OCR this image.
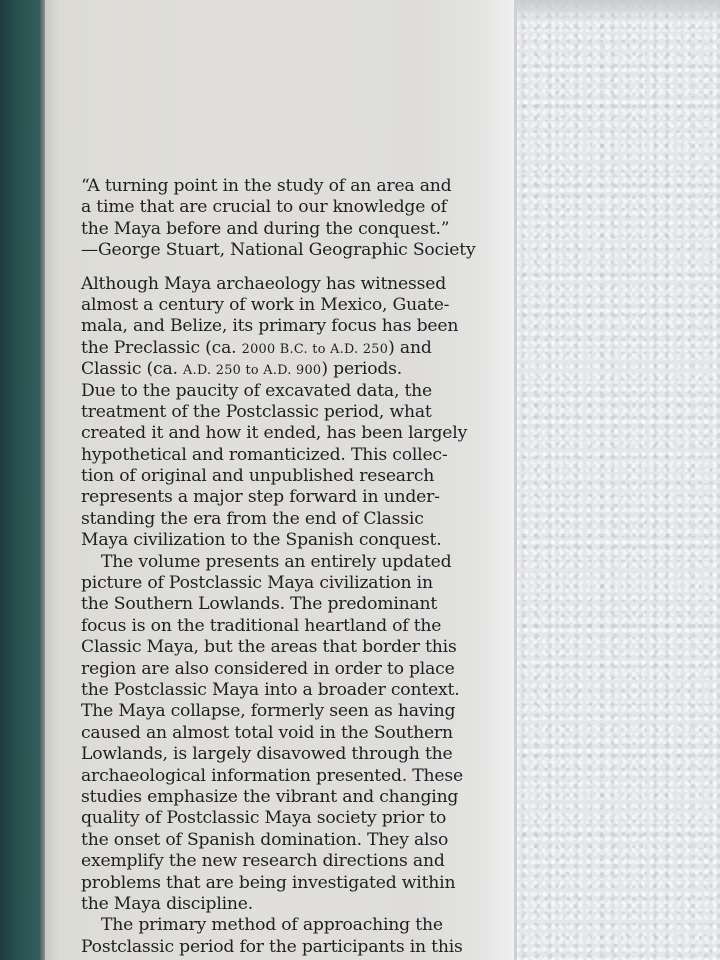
“A turning point in the study of an area and
a time that are crucial to our knowledge of
the Maya before and during the conquest.”
—George Stuart, National Geographic Society
Although Maya archaeology has witnessed
almost a century of work in Mexico, Guate-
mala, and Belize, its primary focus has been
the Preclassic (ca. 2000 B.C. to A.D. 250) and
Classic (ca. A.D. 250 to A.D. 900) periods.
Due to the paucity of excavated data, the
treatment of the Postclassic period, what
created it and how it ended, has been largely
hypothetical and romanticized. This collec-
tion of original and unpublished research
represents a major step forward in under-
standing the era from the end of Classic
Maya civilization to the Spanish conquest.
The volume presents an entirely updated
picture of Postclassic Maya civilization in
the Southern Lowlands. The predominant
focus is on the traditional heartland of the
Classic Maya, but the areas that border this
region are also considered in order to place
the Postclassic Maya into a broader context.
The Maya collapse, formerly seen as having
caused an almost total void in the Southern
Lowlands, is largely disavowed through the
archaeological information presented. These
studies emphasize the vibrant and changing
quality of Postclassic Maya society prior to
the onset of Spanish domination. They also
exemplify the new research directions and
problems that are being investigated within
the Maya discipline.
The primary method of approaching the
Postclassic period for the participants in this
